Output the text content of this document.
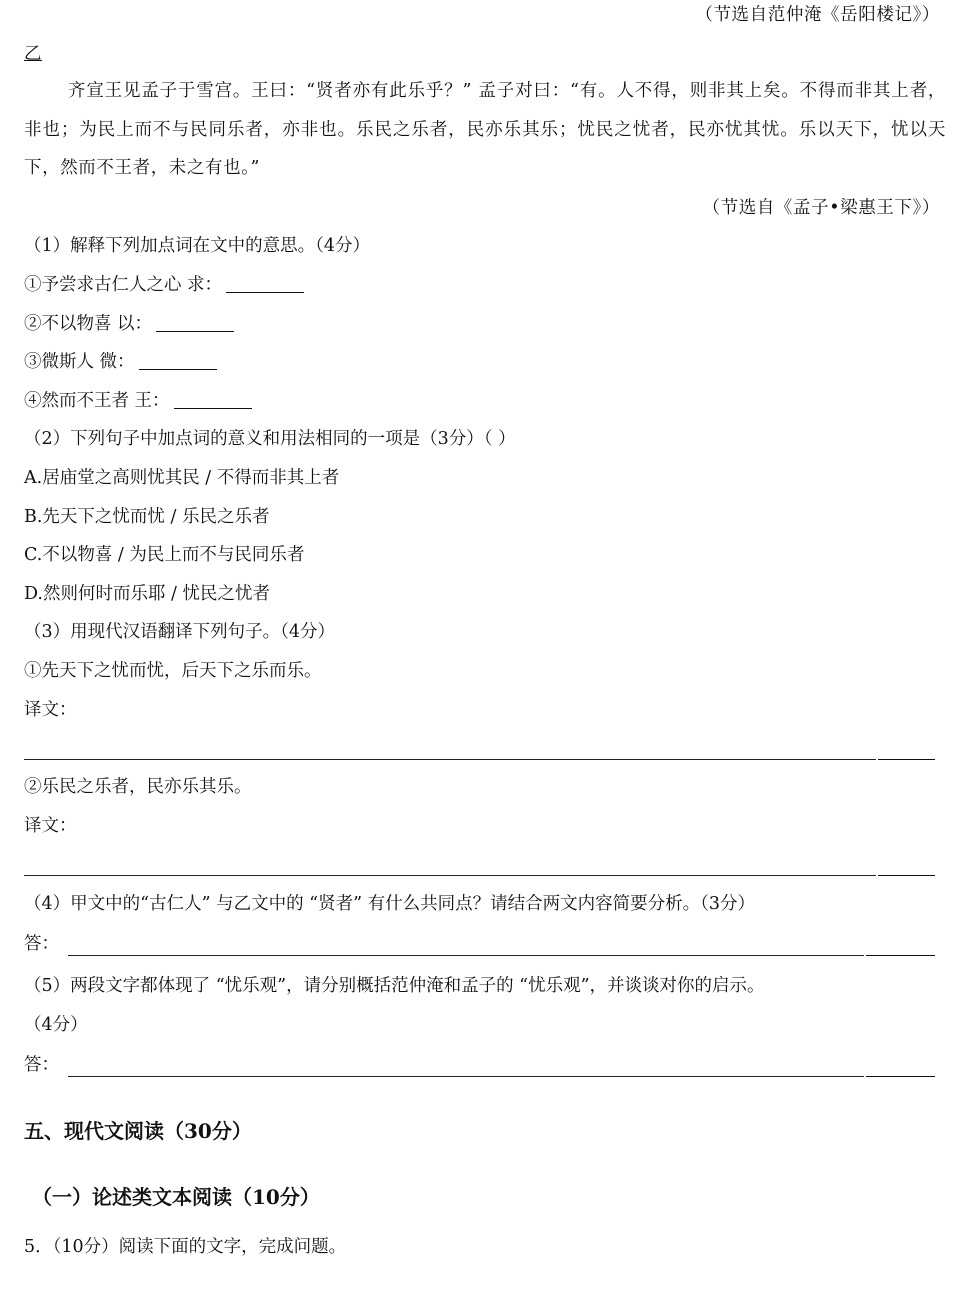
（节选自范仲淹《岳阳楼记》）
乙
齐宣王见孟子于雪宫。王曰：“贤者亦有此乐乎？” 孟子对曰：“有。人不得，则非其上矣。不得而非其上者，非也；为民上而不与民同乐者，亦非也。乐民之乐者，民亦乐其乐；忧民之忧者，民亦忧其忧。乐以天下，忧以天下，然而不王者，未之有也。”
（节选自《孟子•梁惠王下》）
（1）解释下列加点词在文中的意思。（4分）
①予尝求古仁人之心 求：
②不以物喜 以：
③微斯人 微：
④然而不王者 王：
（2）下列句子中加点词的意义和用法相同的一项是（3分）（ ）
A.居庙堂之高则忧其民 / 不得而非其上者
B.先天下之忧而忧 / 乐民之乐者
C.不以物喜 / 为民上而不与民同乐者
D.然则何时而乐耶 / 忧民之忧者
（3）用现代汉语翻译下列句子。（4分）
①先天下之忧而忧，后天下之乐而乐。
译文：
②乐民之乐者，民亦乐其乐。
译文：
（4）甲文中的“古仁人” 与乙文中的 “贤者” 有什么共同点？请结合两文内容简要分析。（3分）
答：
（5）两段文字都体现了 “忧乐观”，请分别概括范仲淹和孟子的 “忧乐观”，并谈谈对你的启示。
（4分）
答：
五、现代文阅读（30分）
（一）论述类文本阅读（10分）
5．（10分）阅读下面的文字，完成问题。
